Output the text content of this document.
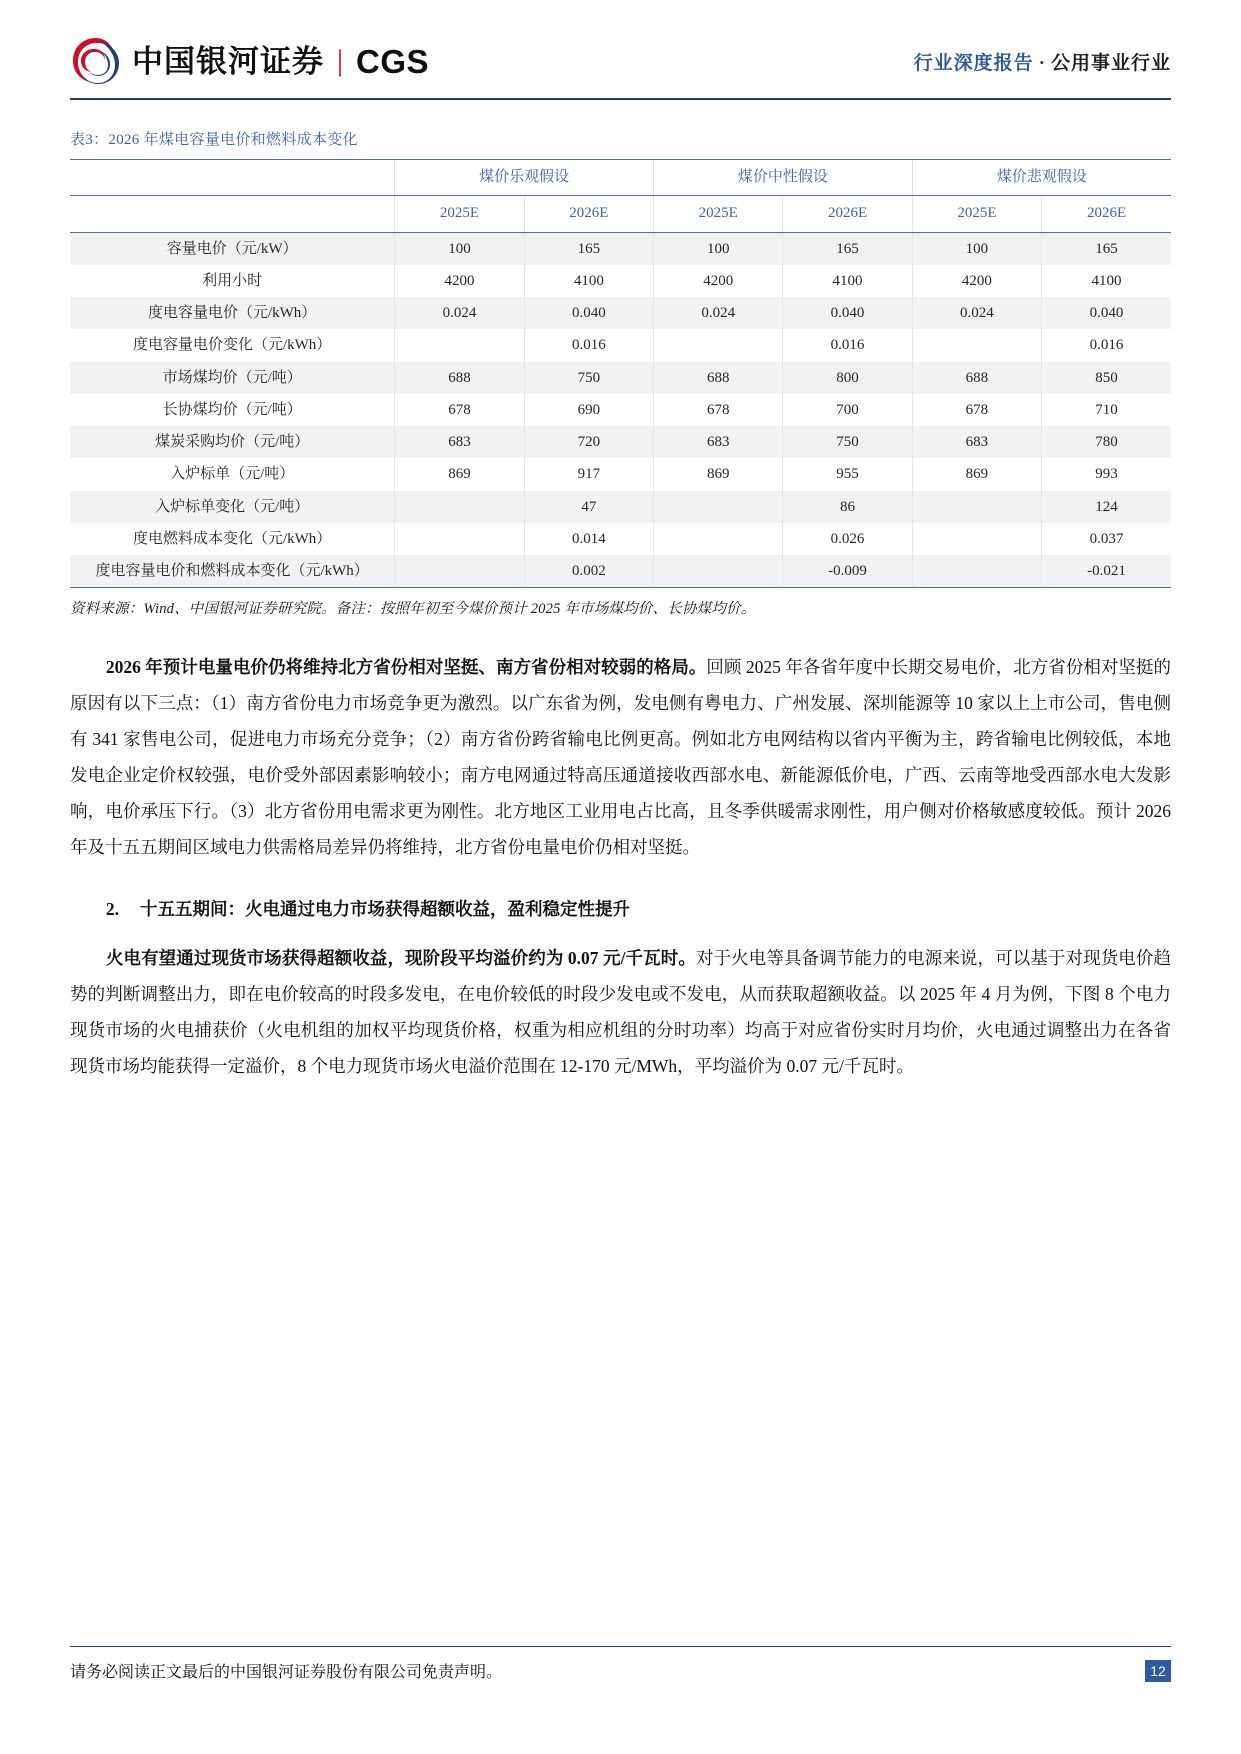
中国银河证券 | CGS	行业深度报告 · 公用事业行业
表3：2026 年煤电容量电价和燃料成本变化
	煤价乐观假设		煤价中性假设		煤价悲观假设	
	2025E	2026E	2025E	2026E	2025E	2026E
容量电价（元/kW）	100	165	100	165	100	165
利用小时	4200	4100	4200	4100	4200	4100
度电容量电价（元/kWh）	0.024	0.040	0.024	0.040	0.024	0.040
度电容量电价变化（元/kWh）		0.016		0.016		0.016
市场煤均价（元/吨）	688	750	688	800	688	850
长协煤均价（元/吨）	678	690	678	700	678	710
煤炭采购均价（元/吨）	683	720	683	750	683	780
入炉标单（元/吨）	869	917	869	955	869	993
入炉标单变化（元/吨）		47		86		124
度电燃料成本变化（元/kWh）		0.014		0.026		0.037
度电容量电价和燃料成本变化（元/kWh）		0.002		-0.009		-0.021
资料来源：Wind、中国银河证券研究院。备注：按照年初至今煤价预计 2025 年市场煤均价、长协煤均价。

2026 年预计电量电价仍将维持北方省份相对坚挺、南方省份相对较弱的格局。回顾 2025 年各省年度中长期交易电价，北方省份相对坚挺的原因有以下三点：（1）南方省份电力市场竞争更为激烈。以广东省为例，发电侧有粤电力、广州发展、深圳能源等 10 家以上上市公司，售电侧有 341 家售电公司，促进电力市场充分竞争；（2）南方省份跨省输电比例更高。例如北方电网结构以省内平衡为主，跨省输电比例较低，本地发电企业定价权较强，电价受外部因素影响较小；南方电网通过特高压通道接收西部水电、新能源低价电，广西、云南等地受西部水电大发影响，电价承压下行。（3）北方省份用电需求更为刚性。北方地区工业用电占比高，且冬季供暖需求刚性，用户侧对价格敏感度较低。预计 2026 年及十五五期间区域电力供需格局差异仍将维持，北方省份电量电价仍相对坚挺。

2. 十五五期间：火电通过电力市场获得超额收益，盈利稳定性提升

火电有望通过现货市场获得超额收益，现阶段平均溢价约为 0.07 元/千瓦时。对于火电等具备调节能力的电源来说，可以基于对现货电价趋势的判断调整出力，即在电价较高的时段多发电，在电价较低的时段少发电或不发电，从而获取超额收益。以 2025 年 4 月为例，下图 8 个电力现货市场的火电捕获价（火电机组的加权平均现货价格，权重为相应机组的分时功率）均高于对应省份实时月均价，火电通过调整出力在各省现货市场均能获得一定溢价，8 个电力现货市场火电溢价范围在 12-170 元/MWh，平均溢价为 0.07 元/千瓦时。

请务必阅读正文最后的中国银河证券股份有限公司免责声明。	12
